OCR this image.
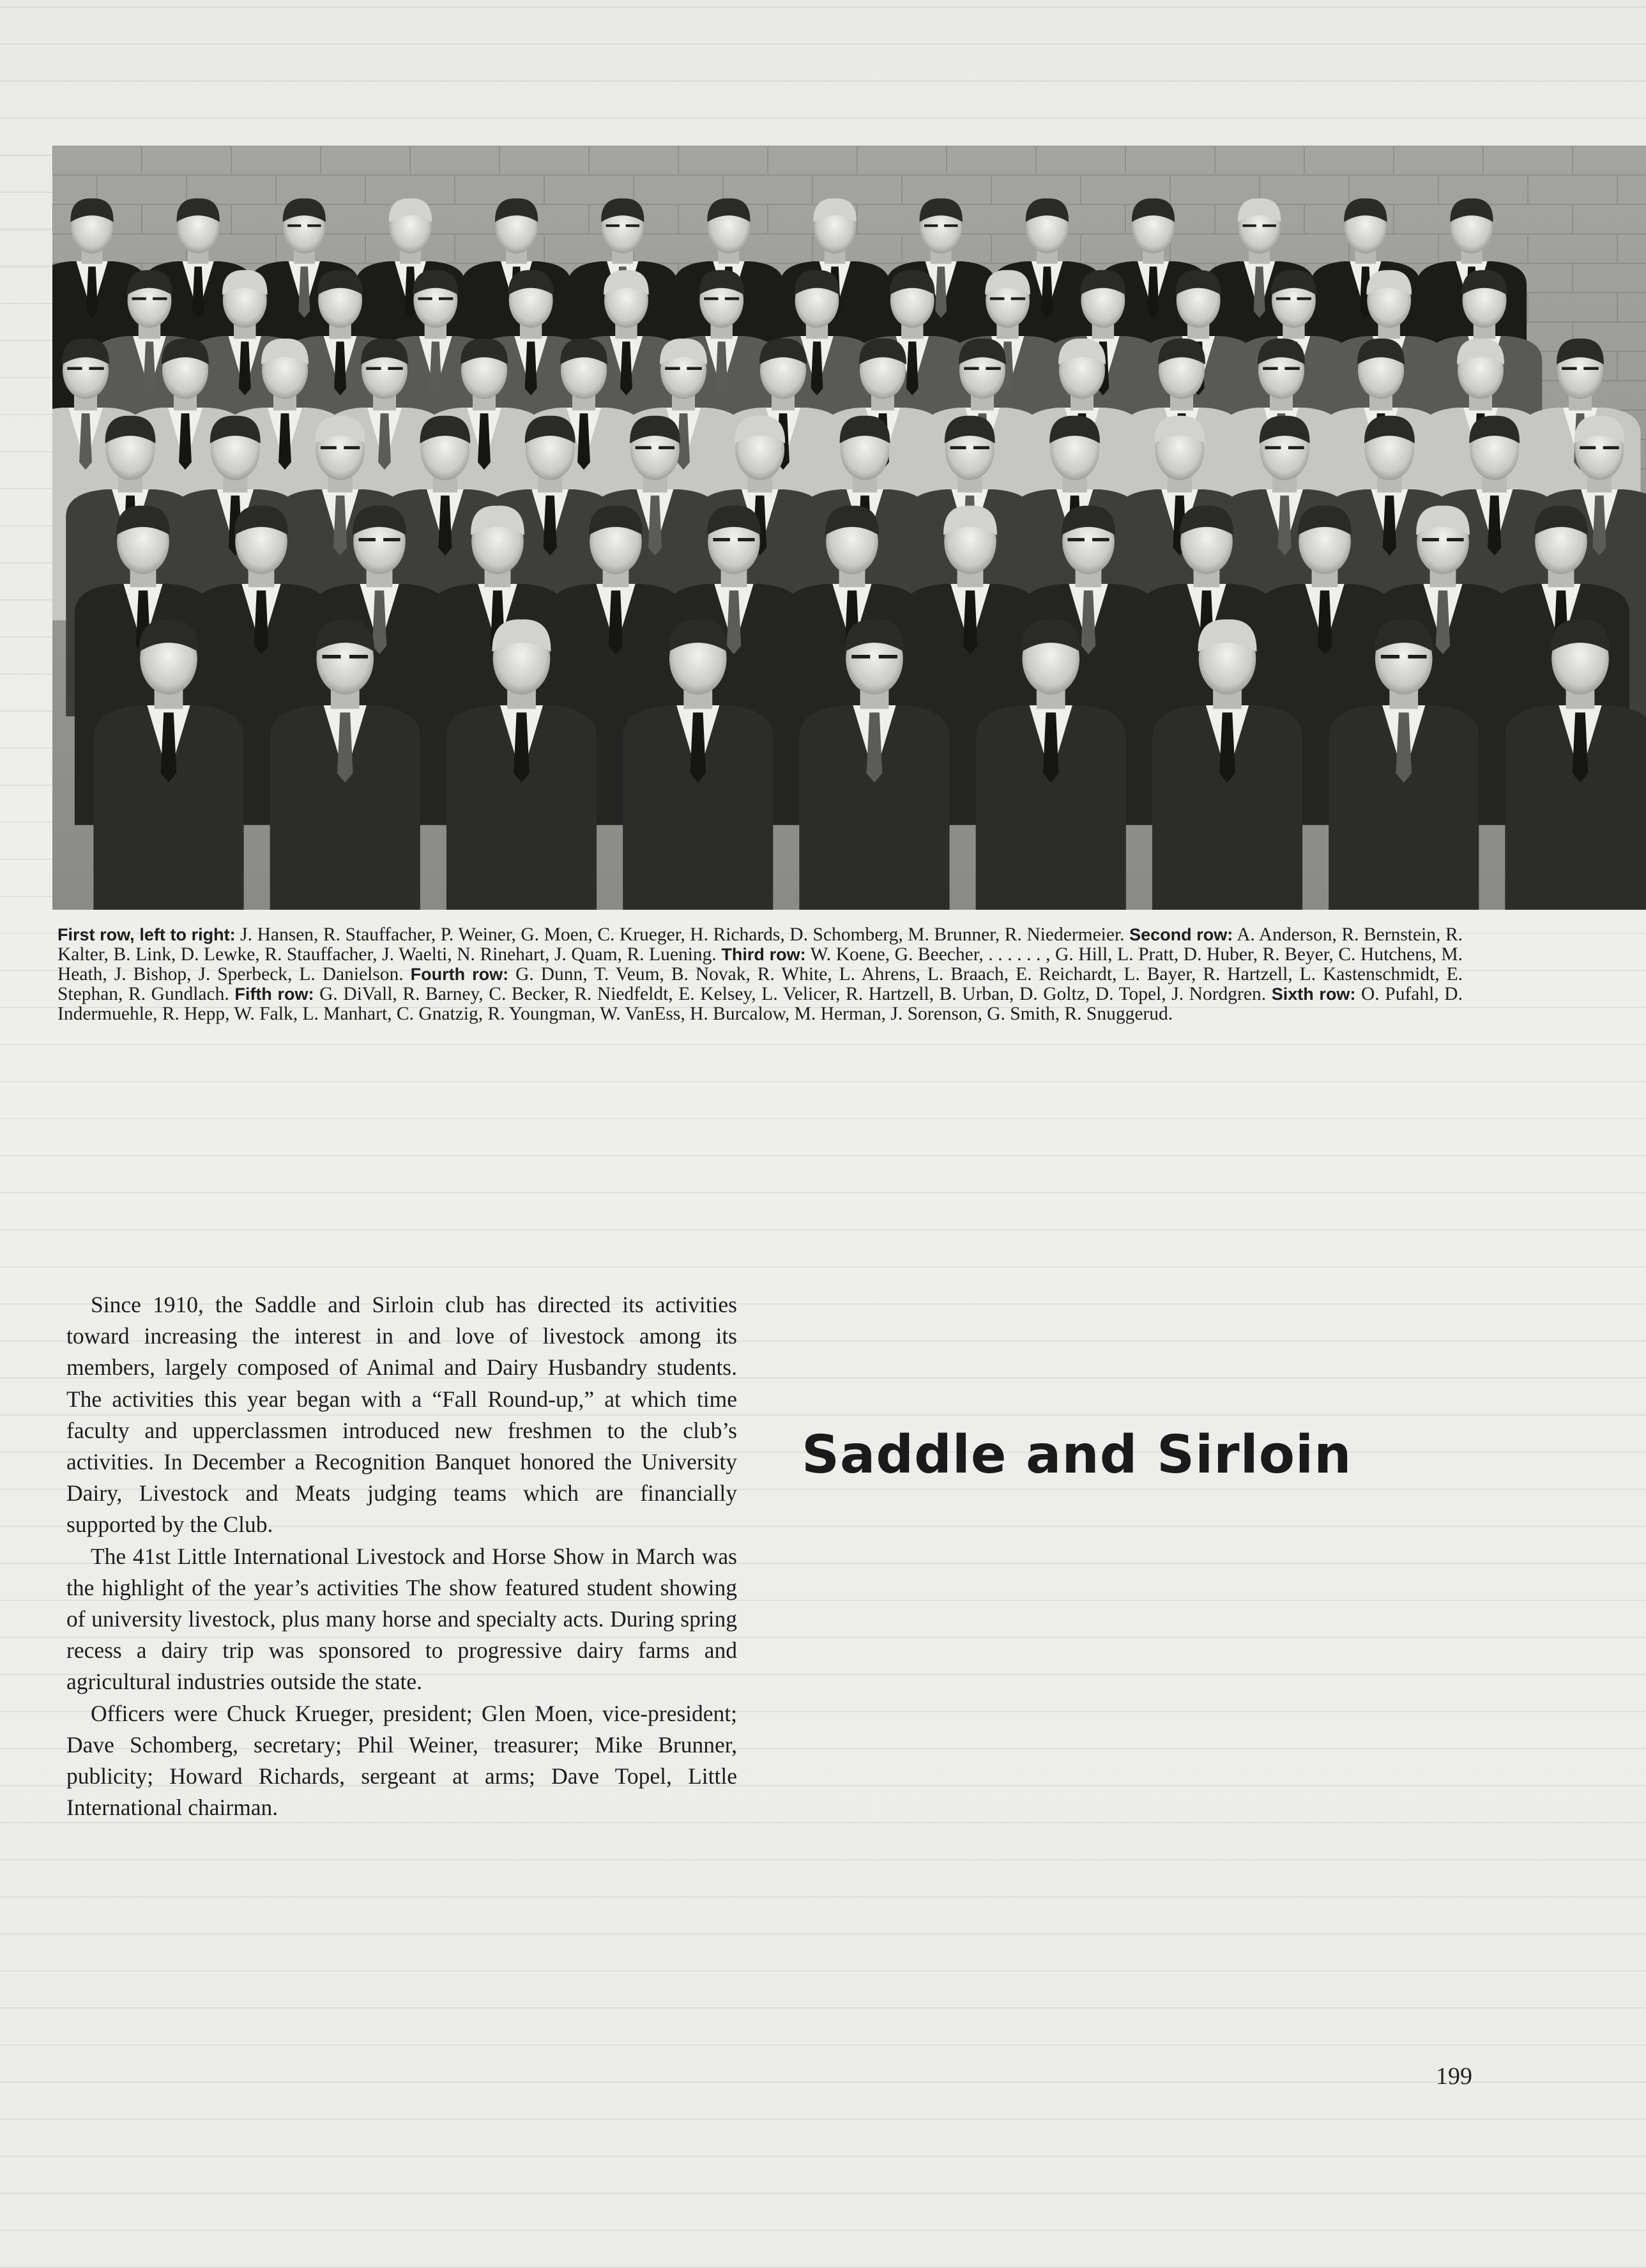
First row, left to right: J. Hansen, R. Stauffacher, P. Weiner, G. Moen, C. Krueger, H. Richards, D. Schomberg, M. Brunner, R. Niedermeier. Second row: A. Anderson, R. Bernstein, R. Kalter, B. Link, D. Lewke, R. Stauffacher, J. Waelti, N. Rinehart, J. Quam, R. Luening. Third row: W. Koene, G. Beecher, . . . . . . , G. Hill, L. Pratt, D. Huber, R. Beyer, C. Hutchens, M. Heath, J. Bishop, J. Sperbeck, L. Danielson. Fourth row: G. Dunn, T. Veum, B. Novak, R. White, L. Ahrens, L. Braach, E. Reichardt, L. Bayer, R. Hartzell, L. Kastenschmidt, E. Stephan, R. Gundlach. Fifth row: G. DiVall, R. Barney, C. Becker, R. Niedfeldt, E. Kelsey, L. Velicer, R. Hartzell, B. Urban, D. Goltz, D. Topel, J. Nordgren. Sixth row: O. Pufahl, D. Indermuehle, R. Hepp, W. Falk, L. Manhart, C. Gnatzig, R. Youngman, W. VanEss, H. Burcalow, M. Herman, J. Sorenson, G. Smith, R. Snuggerud.

Since 1910, the Saddle and Sirloin club has directed its activities toward increasing the interest in and love of livestock among its members, largely composed of Animal and Dairy Husbandry students. The activities this year began with a “Fall Round-up,” at which time faculty and upperclassmen introduced new freshmen to the club’s activities. In December a Recognition Banquet honored the University Dairy, Livestock and Meats judging teams which are financially supported by the Club.

The 41st Little International Livestock and Horse Show in March was the highlight of the year’s activities The show featured student showing of university livestock, plus many horse and specialty acts. During spring recess a dairy trip was sponsored to progressive dairy farms and agricultural industries outside the state.

Officers were Chuck Krueger, president; Glen Moen, vice-president; Dave Schomberg, secretary; Phil Weiner, treasurer; Mike Brunner, publicity; Howard Richards, sergeant at arms; Dave Topel, Little International chairman.

Saddle and Sirloin
199
